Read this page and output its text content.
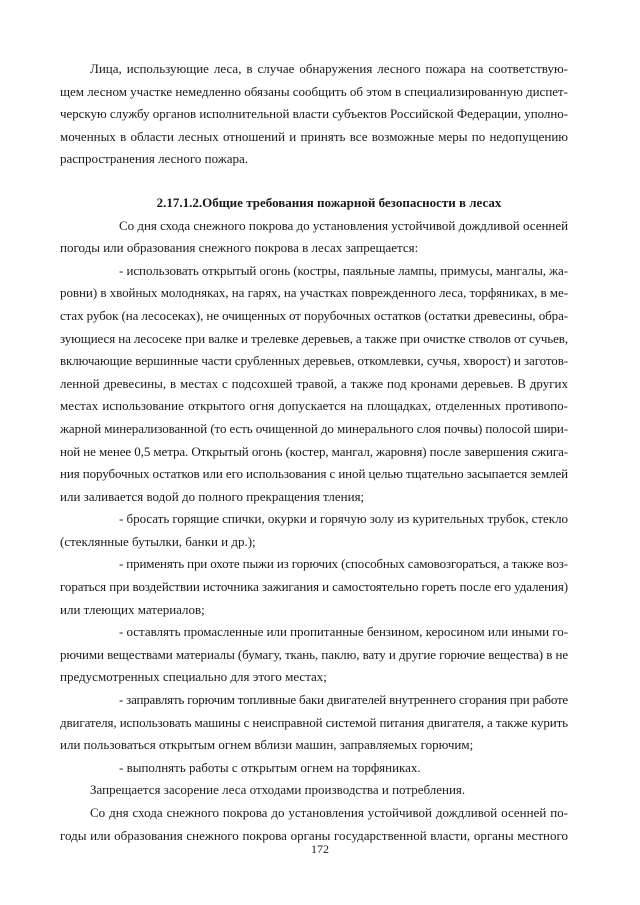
Лица, использующие леса, в случае обнаружения лесного пожара на соответствую-
щем лесном участке немедленно обязаны сообщить об этом в специализированную диспет-
черскую службу органов исполнительной власти субъектов Российской Федерации, уполно-
моченных в области лесных отношений и принять все возможные меры по недопущению
распространения лесного пожара.
2.17.1.2.Общие требования пожарной безопасности в лесах
Со дня схода снежного покрова до установления устойчивой дождливой осенней
погоды или образования снежного покрова в лесах запрещается:
- использовать открытый огонь (костры, паяльные лампы, примусы, мангалы, жа-
ровни) в хвойных молодняках, на гарях, на участках поврежденного леса, торфяниках, в ме-
стах рубок (на лесосеках), не очищенных от порубочных остатков (остатки древесины, обра-
зующиеся на лесосеке при валке и трелевке деревьев, а также при очистке стволов от сучьев,
включающие вершинные части срубленных деревьев, откомлевки, сучья, хворост) и заготов-
ленной древесины, в местах с подсохшей травой, а также под кронами деревьев. В других
местах использование открытого огня допускается на площадках, отделенных противопо-
жарной минерализованной (то есть очищенной до минерального слоя почвы) полосой шири-
ной не менее 0,5 метра. Открытый огонь (костер, мангал, жаровня) после завершения сжига-
ния порубочных остатков или его использования с иной целью тщательно засыпается землей
или заливается водой до полного прекращения тления;
- бросать горящие спички, окурки и горячую золу из курительных трубок, стекло
(стеклянные бутылки, банки и др.);
- применять при охоте пыжи из горючих (способных самовозгораться, а также воз-
гораться при воздействии источника зажигания и самостоятельно гореть после его удаления)
или тлеющих материалов;
- оставлять промасленные или пропитанные бензином, керосином или иными го-
рючими веществами материалы (бумагу, ткань, паклю, вату и другие горючие вещества) в не
предусмотренных специально для этого местах;
- заправлять горючим топливные баки двигателей внутреннего сгорания при работе
двигателя, использовать машины с неисправной системой питания двигателя, а также курить
или пользоваться открытым огнем вблизи машин, заправляемых горючим;
- выполнять работы с открытым огнем на торфяниках.
Запрещается засорение леса отходами производства и потребления.
Со дня схода снежного покрова до установления устойчивой дождливой осенней по-
годы или образования снежного покрова органы государственной власти, органы местного
172
